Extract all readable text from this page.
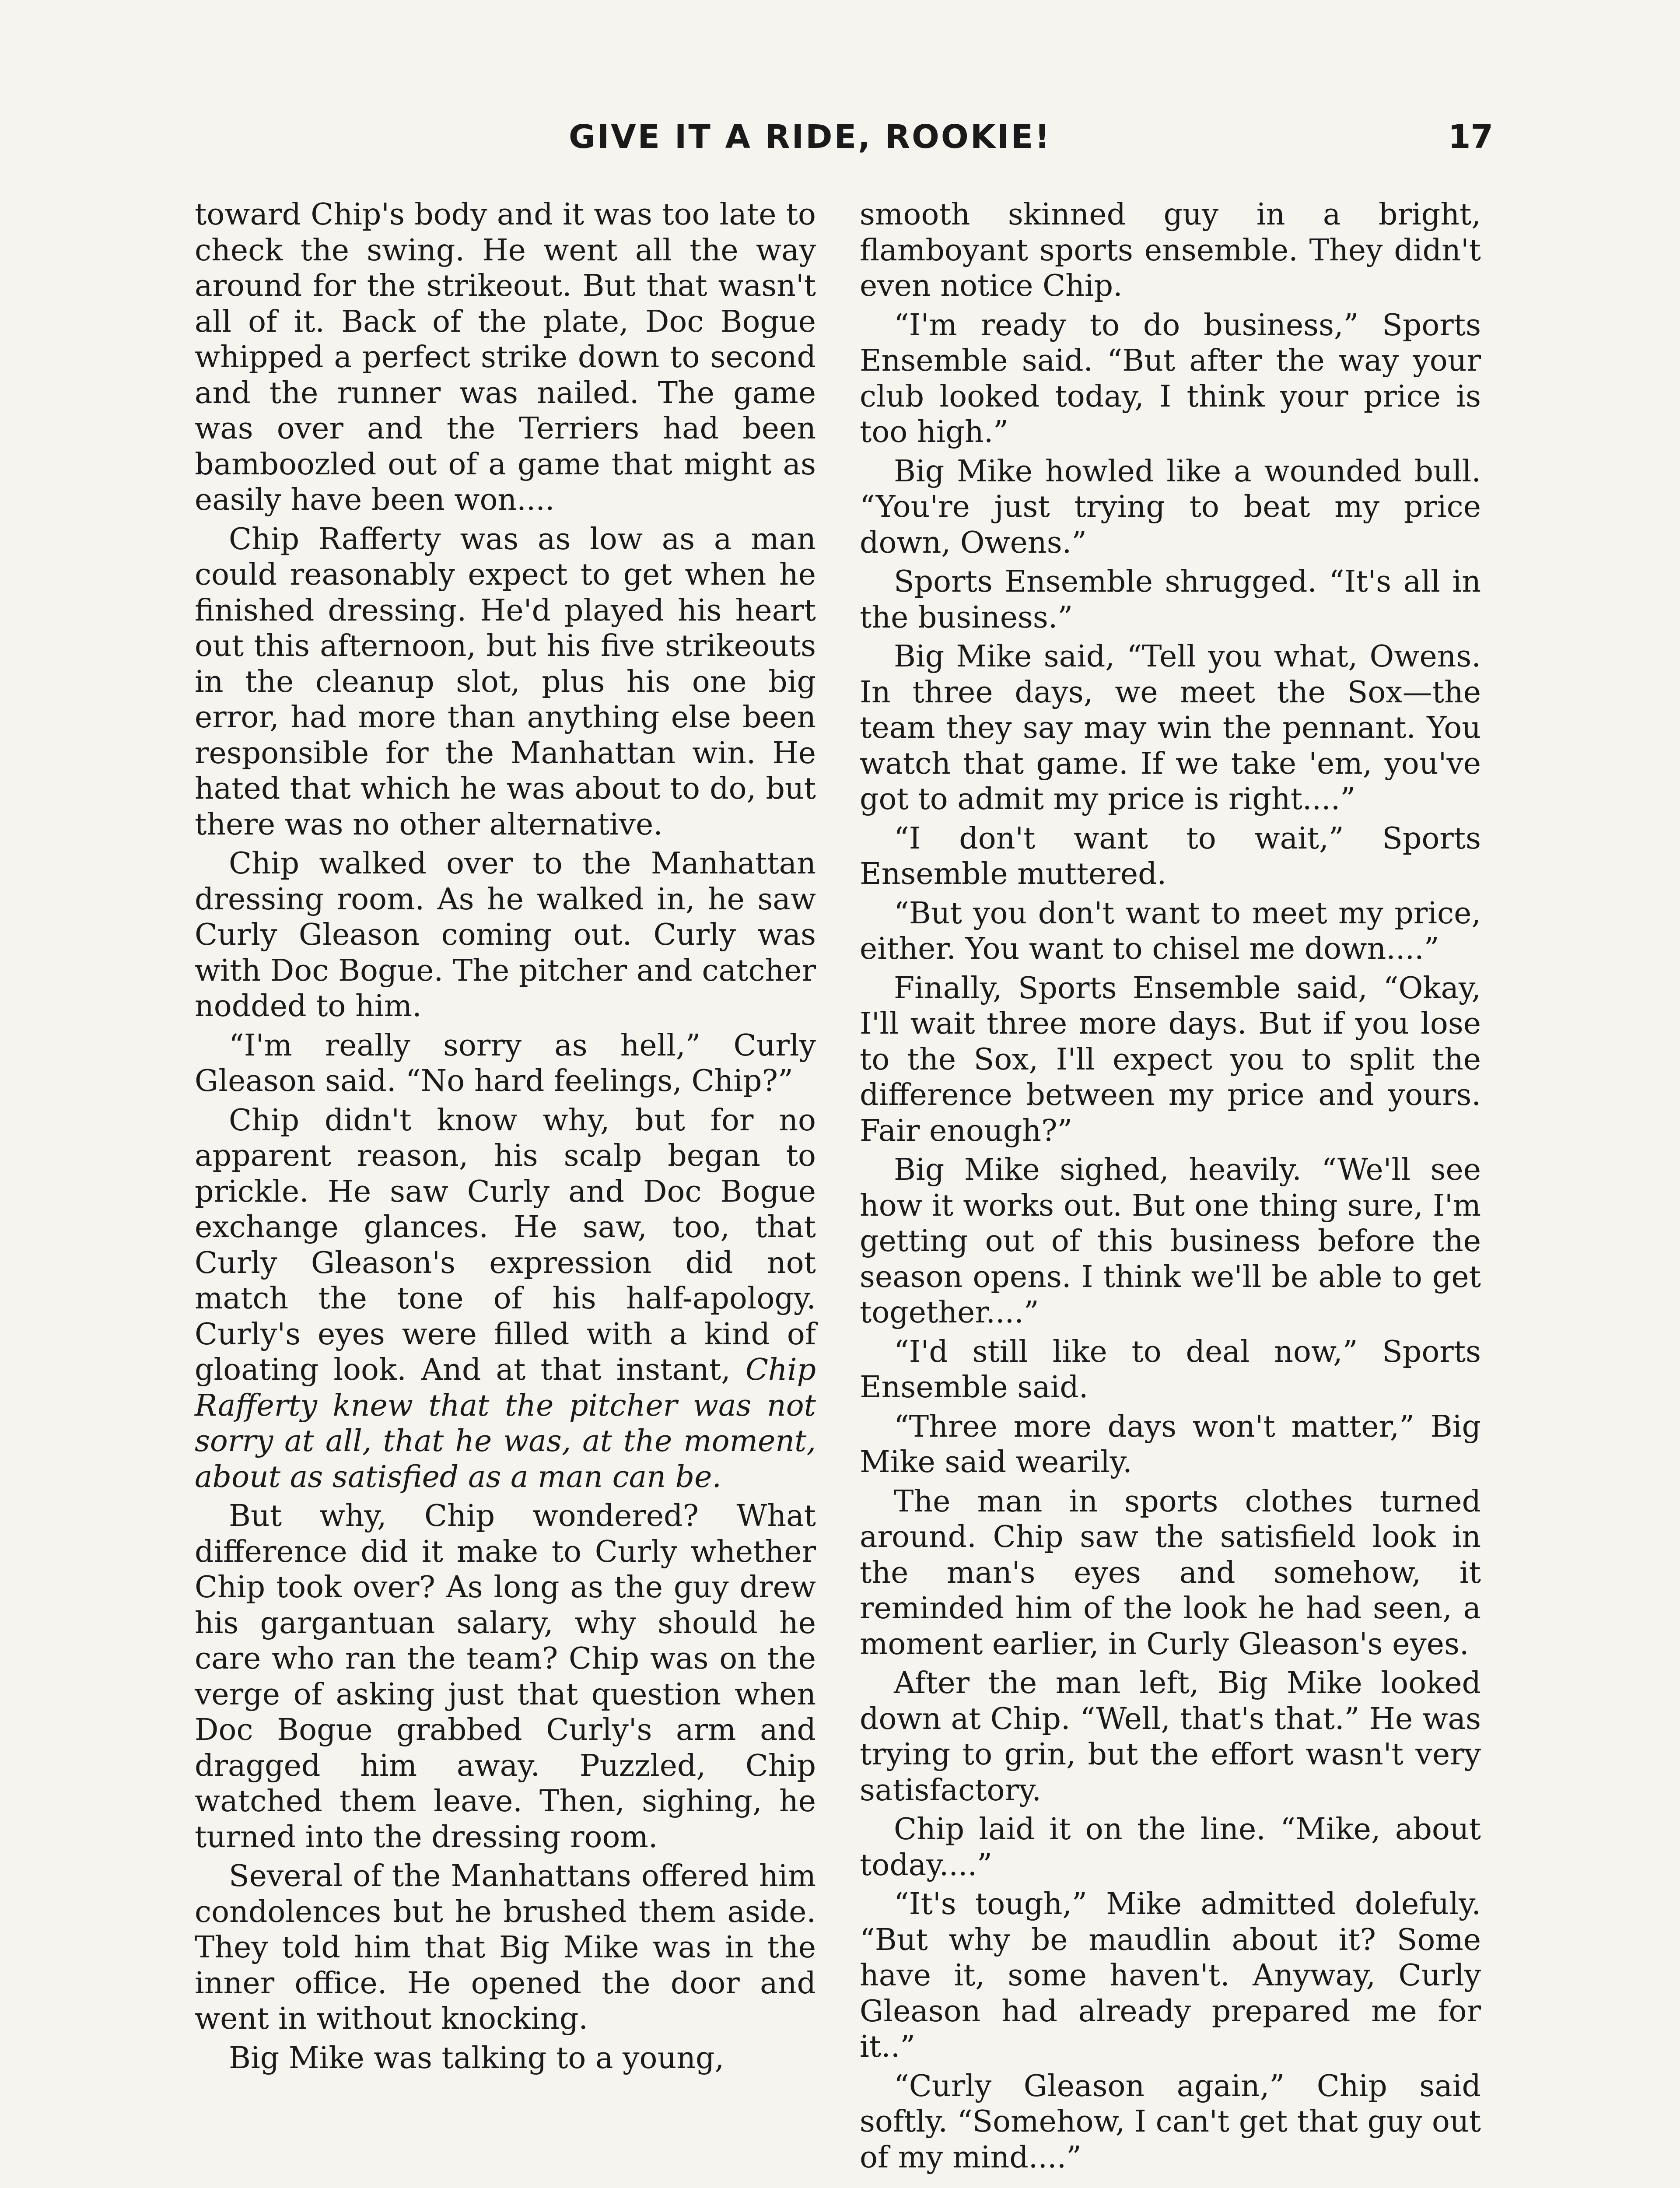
GIVE IT A RIDE, ROOKIE!	17

toward Chip's body and it was too late to check the swing. He went all the way around for the strikeout. But that wasn't all of it. Back of the plate, Doc Bogue whipped a perfect strike down to second and the runner was nailed. The game was over and the Terriers had been bamboozled out of a game that might as easily have been won....

Chip Rafferty was as low as a man could reasonably expect to get when he finished dressing. He'd played his heart out this afternoon, but his five strikeouts in the cleanup slot, plus his one big error, had more than anything else been responsible for the Manhattan win. He hated that which he was about to do, but there was no other alternative.

Chip walked over to the Manhattan dressing room. As he walked in, he saw Curly Gleason coming out. Curly was with Doc Bogue. The pitcher and catcher nodded to him.

“I'm really sorry as hell,” Curly Gleason said. “No hard feelings, Chip?”

Chip didn't know why, but for no apparent reason, his scalp began to prickle. He saw Curly and Doc Bogue exchange glances. He saw, too, that Curly Gleason's expression did not match the tone of his half-apology. Curly's eyes were filled with a kind of gloating look. And at that instant, Chip Rafferty knew that the pitcher was not sorry at all, that he was, at the moment, about as satisfied as a man can be.

But why, Chip wondered? What difference did it make to Curly whether Chip took over? As long as the guy drew his gargantuan salary, why should he care who ran the team? Chip was on the verge of asking just that question when Doc Bogue grabbed Curly's arm and dragged him away. Puzzled, Chip watched them leave. Then, sighing, he turned into the dressing room.

Several of the Manhattans offered him condolences but he brushed them aside. They told him that Big Mike was in the inner office. He opened the door and went in without knocking.

Big Mike was talking to a young,

smooth skinned guy in a bright, flamboyant sports ensemble. They didn't even notice Chip.

“I'm ready to do business,” Sports Ensemble said. “But after the way your club looked today, I think your price is too high.”

Big Mike howled like a wounded bull. “You're just trying to beat my price down, Owens.”

Sports Ensemble shrugged. “It's all in the business.”

Big Mike said, “Tell you what, Owens. In three days, we meet the Sox—the team they say may win the pennant. You watch that game. If we take 'em, you've got to admit my price is right....”

“I don't want to wait,” Sports Ensemble muttered.

“But you don't want to meet my price, either. You want to chisel me down....”

Finally, Sports Ensemble said, “Okay, I'll wait three more days. But if you lose to the Sox, I'll expect you to split the difference between my price and yours. Fair enough?”

Big Mike sighed, heavily. “We'll see how it works out. But one thing sure, I'm getting out of this business before the season opens. I think we'll be able to get together....”

“I'd still like to deal now,” Sports Ensemble said.

“Three more days won't matter,” Big Mike said wearily.

The man in sports clothes turned around. Chip saw the satisfield look in the man's eyes and somehow, it reminded him of the look he had seen, a moment earlier, in Curly Gleason's eyes.

After the man left, Big Mike looked down at Chip. “Well, that's that.” He was trying to grin, but the effort wasn't very satisfactory.

Chip laid it on the line. “Mike, about today....”

“It's tough,” Mike admitted dolefuly. “But why be maudlin about it? Some have it, some haven't. Anyway, Curly Gleason had already prepared me for it..”

“Curly Gleason again,” Chip said softly. “Somehow, I can't get that guy out of my mind....”
